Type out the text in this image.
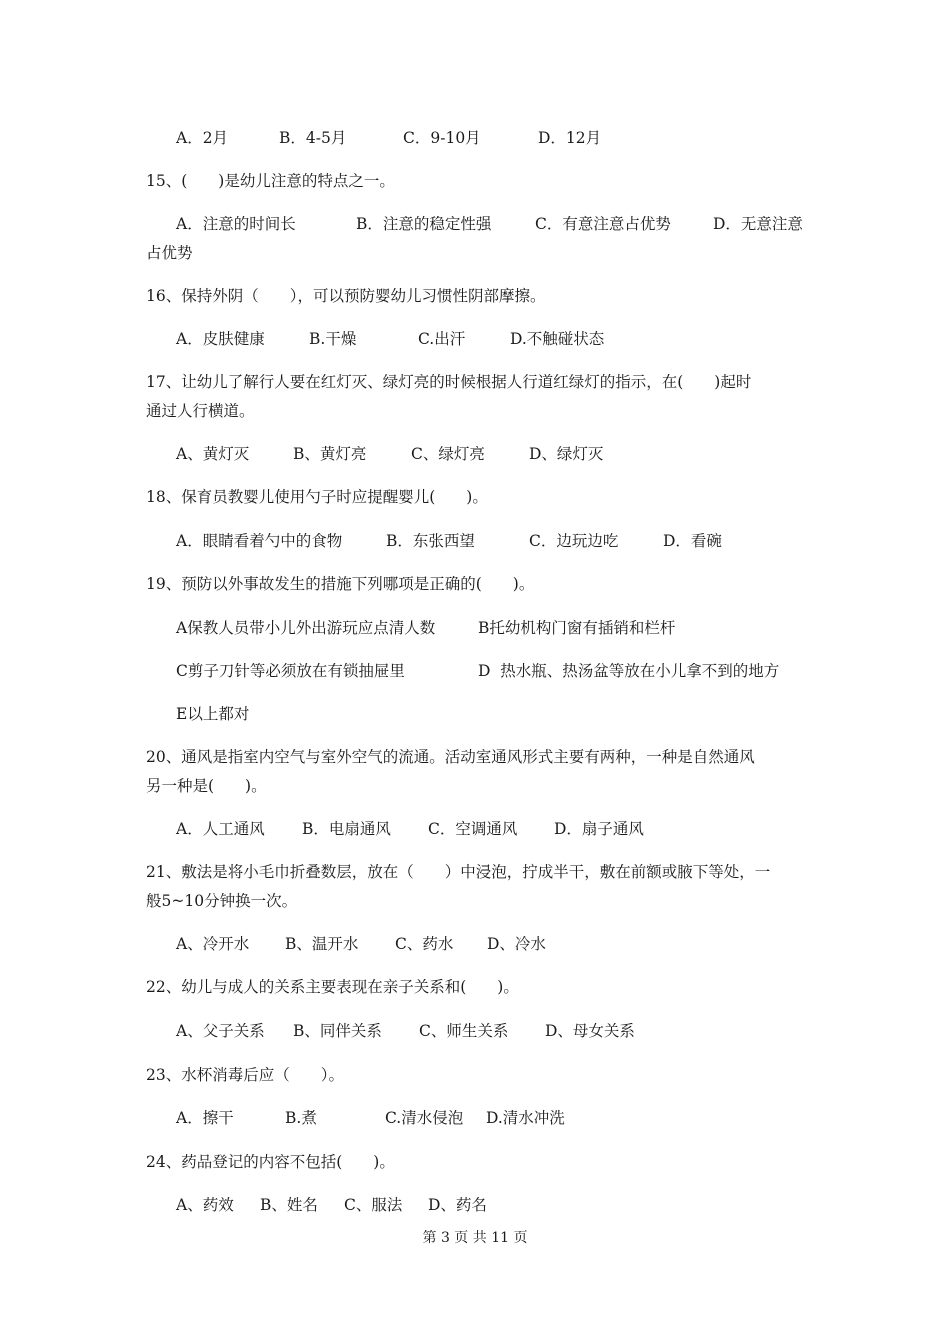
A．2月	B．4-5月	C．9-10月	D．12月
15、(　　)是幼儿注意的特点之一。
A．注意的时间长	B．注意的稳定性强	C．有意注意占优势	D．无意注意
占优势
16、保持外阴（　　），可以预防婴幼儿习惯性阴部摩擦。
A．皮肤健康	B.干燥	C.出汗	D.不触碰状态
17、让幼儿了解行人要在红灯灭、绿灯亮的时候根据人行道红绿灯的指示，在(　　)起时
通过人行横道。
A、黄灯灭	B、黄灯亮	C、绿灯亮	D、绿灯灭
18、保育员教婴儿使用勺子时应提醒婴儿(　　)。
A．眼睛看着勺中的食物	B．东张西望	C．边玩边吃	D．看碗
19、预防以外事故发生的措施下列哪项是正确的(　　)。
A保教人员带小儿外出游玩应点清人数	B托幼机构门窗有插销和栏杆
C剪子刀针等必须放在有锁抽屉里	D  热水瓶、热汤盆等放在小儿拿不到的地方
E以上都对
20、通风是指室内空气与室外空气的流通。活动室通风形式主要有两种，一种是自然通风
另一种是(　　)。
A．人工通风	B．电扇通风	C．空调通风	D．扇子通风
21、敷法是将小毛巾折叠数层，放在（　　）中浸泡，拧成半干，敷在前额或腋下等处，一
般5~10分钟换一次。
A、冷开水	B、温开水	C、药水	D、冷水
22、幼儿与成人的关系主要表现在亲子关系和(　　)。
A、父子关系	B、同伴关系	C、师生关系	D、母女关系
23、水杯消毒后应（　　）。
A．擦干	B.煮	C.清水侵泡	D.清水冲洗
24、药品登记的内容不包括(　　)。
A、药效	B、姓名	C、服法	D、药名
第 3 页 共 11 页
